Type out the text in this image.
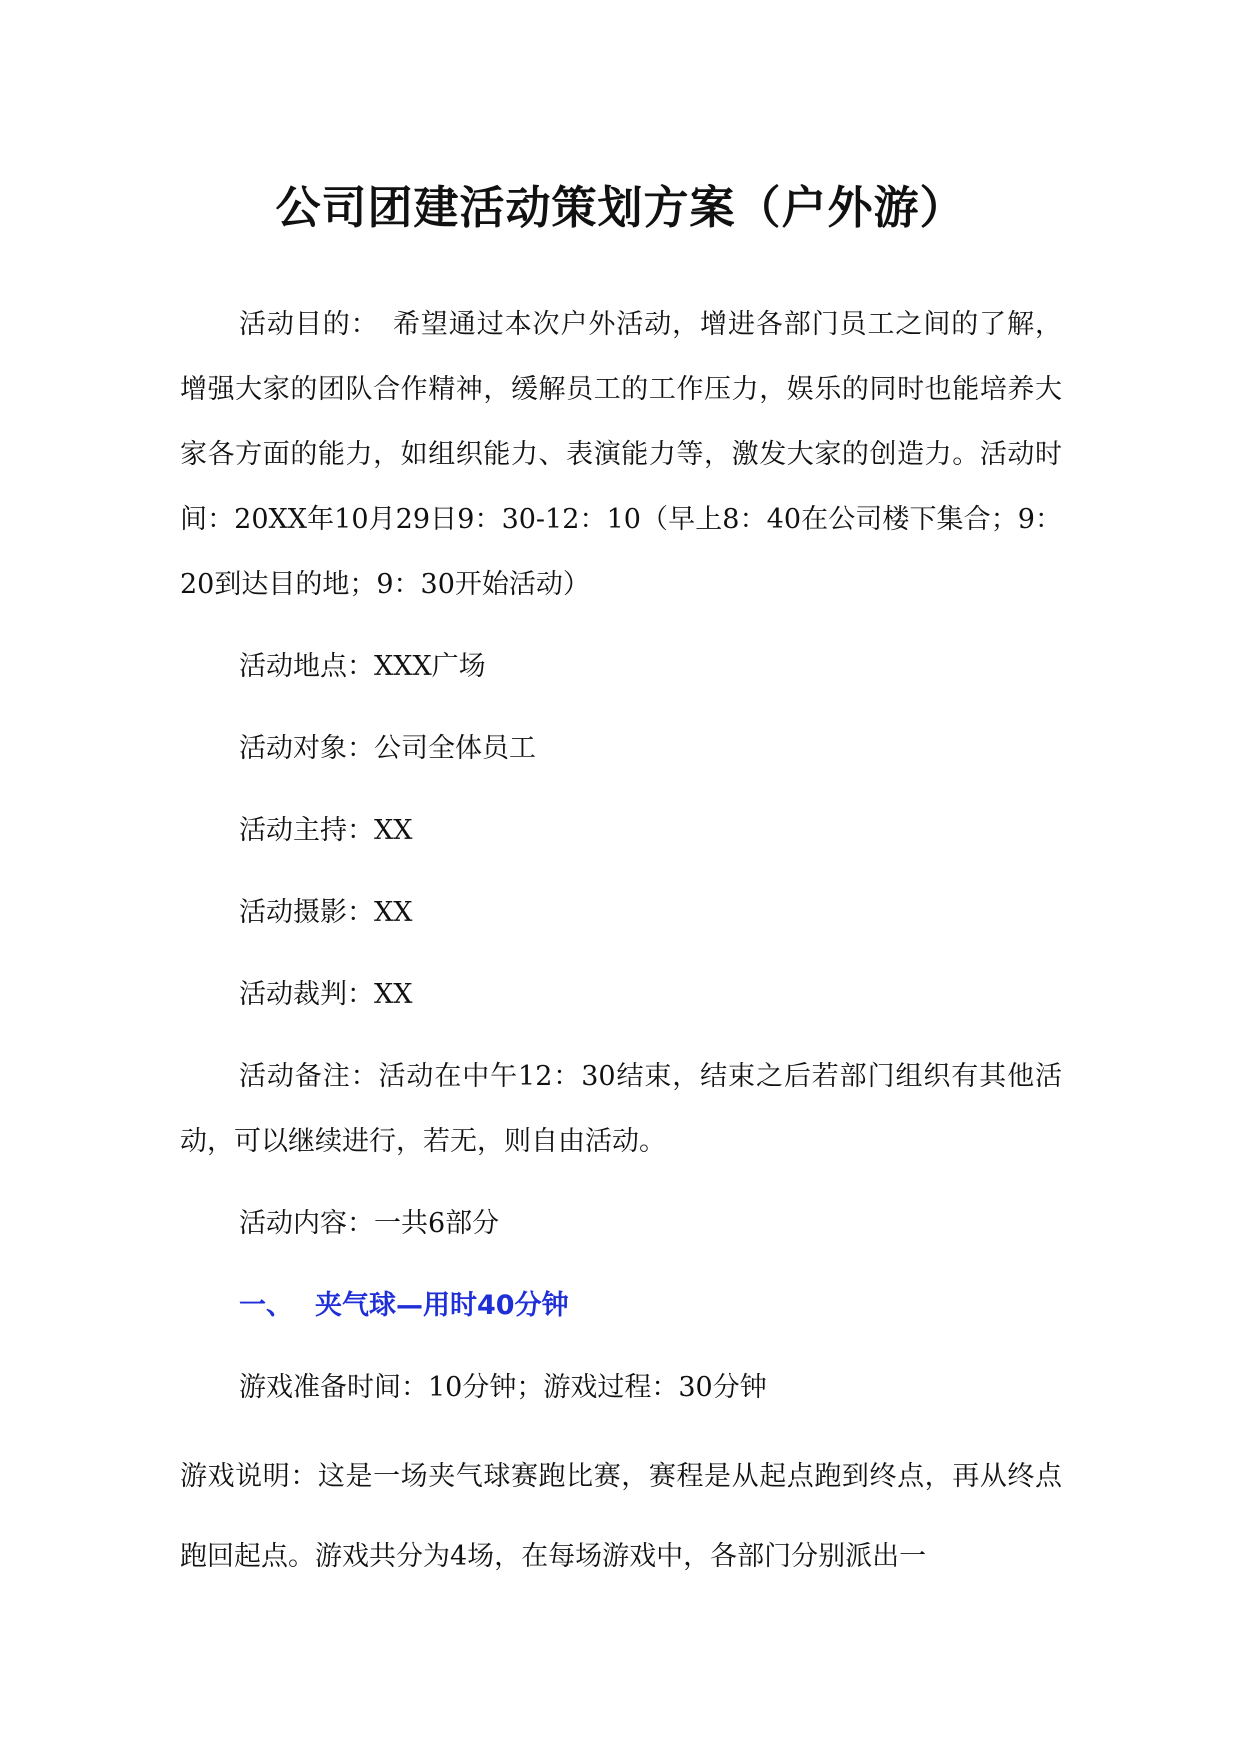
公司团建活动策划方案（户外游）

活动目的：　希望通过本次户外活动，增进各部门员工之间的了解，增强大家的团队合作精神，缓解员工的工作压力，娱乐的同时也能培养大家各方面的能力，如组织能力、表演能力等，激发大家的创造力。活动时间：20XX年10月29日9：30-12：10（早上8：40在公司楼下集合；9：20到达目的地；9：30开始活动）

活动地点：XXX广场

活动对象：公司全体员工

活动主持：XX

活动摄影：XX

活动裁判：XX

活动备注：活动在中午12：30结束，结束之后若部门组织有其他活动，可以继续进行，若无，则自由活动。

活动内容：一共6部分

一、 夹气球—用时40分钟

游戏准备时间：10分钟；游戏过程：30分钟

游戏说明：这是一场夹气球赛跑比赛，赛程是从起点跑到终点，再从终点跑回起点。游戏共分为4场，在每场游戏中，各部门分别派出一
